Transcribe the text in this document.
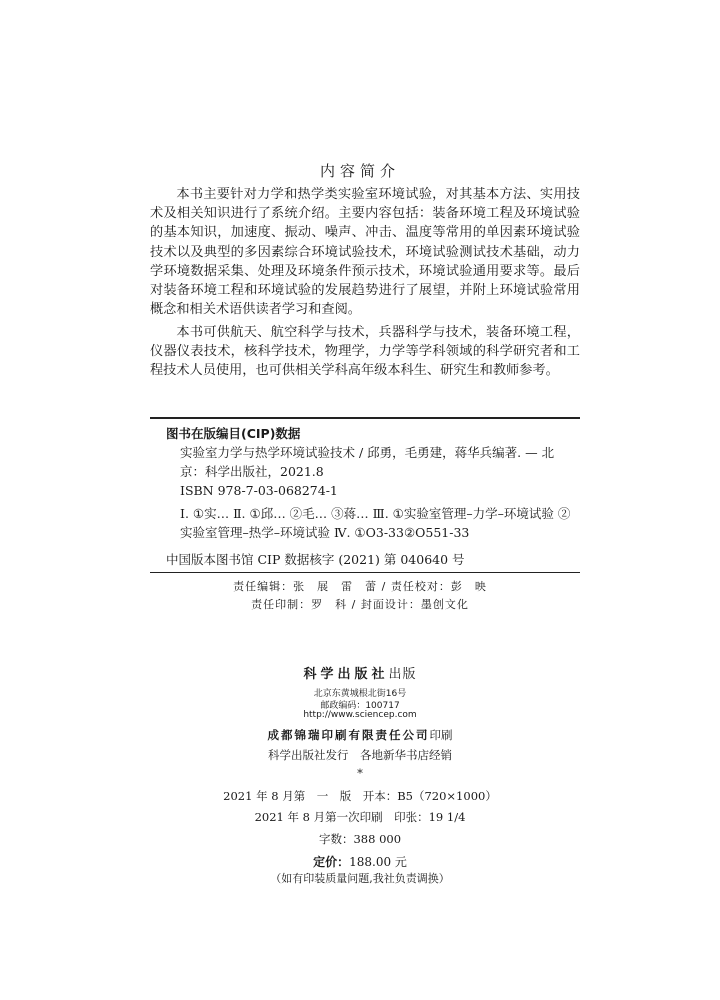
内容简介

本书主要针对力学和热学类实验室环境试验，对其基本方法、实用技术及相关知识进行了系统介绍。主要内容包括：装备环境工程及环境试验的基本知识，加速度、振动、噪声、冲击、温度等常用的单因素环境试验技术以及典型的多因素综合环境试验技术，环境试验测试技术基础，动力学环境数据采集、处理及环境条件预示技术，环境试验通用要求等。最后对装备环境工程和环境试验的发展趋势进行了展望，并附上环境试验常用概念和相关术语供读者学习和查阅。

本书可供航天、航空科学与技术，兵器科学与技术，装备环境工程，仪器仪表技术，核科学技术，物理学，力学等学科领域的科学研究者和工程技术人员使用，也可供相关学科高年级本科生、研究生和教师参考。

图书在版编目(CIP)数据

实验室力学与热学环境试验技术 / 邱勇，毛勇建，蒋华兵编著. — 北京：科学出版社，2021.8

ISBN 978-7-03-068274-1

Ⅰ. ①实… Ⅱ. ①邱… ②毛… ③蒋… Ⅲ. ①实验室管理–力学–环境试验 ②实验室管理–热学–环境试验 Ⅳ. ①O3-33②O551-33

中国版本图书馆 CIP 数据核字 (2021) 第 040640 号
责任编辑：张　展　雷　蕾 / 责任校对：彭　映
责任印制：罗　科 / 封面设计：墨创文化
科学出版社出版
北京东黄城根北街16号
邮政编码：100717
http://www.sciencep.com
成都锦瑞印刷有限责任公司印刷
科学出版社发行　各地新华书店经销
*
2021 年 8 月第　一　版　开本：B5（720×1000）
2021 年 8 月第一次印刷　印张：19 1/4
字数：388 000
定价：188.00 元
（如有印装质量问题,我社负责调换）
